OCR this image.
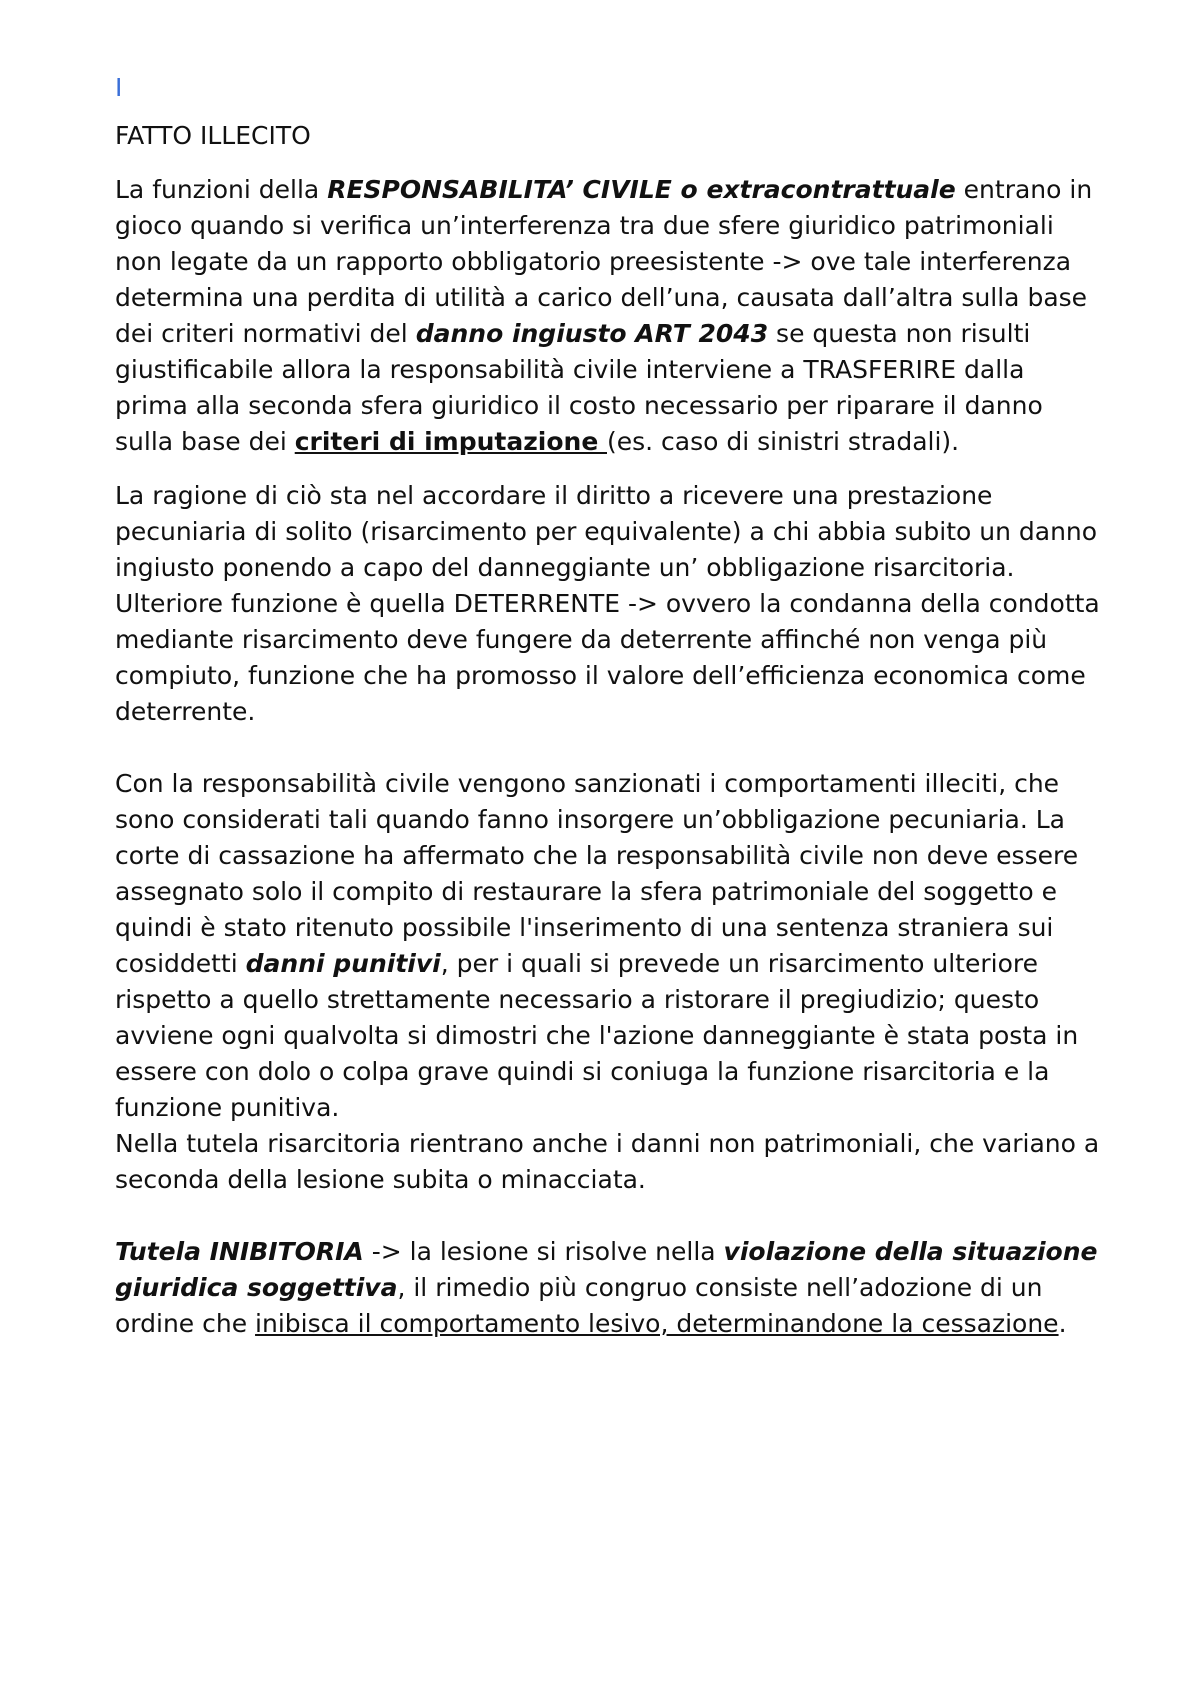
I
FATTO ILLECITO

La funzioni della RESPONSABILITA’ CIVILE o extracontrattuale entrano in gioco quando si verifica un’interferenza tra due sfere giuridico patrimoniali non legate da un rapporto obbligatorio preesistente -> ove tale interferenza determina una perdita di utilità a carico dell’una, causata dall’altra sulla base dei criteri normativi del danno ingiusto ART 2043 se questa non risulti giustificabile allora la responsabilità civile interviene a TRASFERIRE dalla prima alla seconda sfera giuridico il costo necessario per riparare il danno sulla base dei criteri di imputazione (es. caso di sinistri stradali).

La ragione di ciò sta nel accordare il diritto a ricevere una prestazione pecuniaria di solito (risarcimento per equivalente) a chi abbia subito un danno ingiusto ponendo a capo del danneggiante un’ obbligazione risarcitoria.

Ulteriore funzione è quella DETERRENTE -> ovvero la condanna della condotta mediante risarcimento deve fungere da deterrente affinché non venga più compiuto, funzione che ha promosso il valore dell’efficienza economica come deterrente.

Con la responsabilità civile vengono sanzionati i comportamenti illeciti, che sono considerati tali quando fanno insorgere un’obbligazione pecuniaria. La corte di cassazione ha affermato che la responsabilità civile non deve essere assegnato solo il compito di restaurare la sfera patrimoniale del soggetto e quindi è stato ritenuto possibile l'inserimento di una sentenza straniera sui cosiddetti danni punitivi, per i quali si prevede un risarcimento ulteriore rispetto a quello strettamente necessario a ristorare il pregiudizio; questo avviene ogni qualvolta si dimostri che l'azione danneggiante è stata posta in essere con dolo o colpa grave quindi si coniuga la funzione risarcitoria e la funzione punitiva.

Nella tutela risarcitoria rientrano anche i danni non patrimoniali, che variano a seconda della lesione subita o minacciata.

Tutela INIBITORIA -> la lesione si risolve nella violazione della situazione giuridica soggettiva, il rimedio più congruo consiste nell’adozione di un ordine che inibisca il comportamento lesivo, determinandone la cessazione.
